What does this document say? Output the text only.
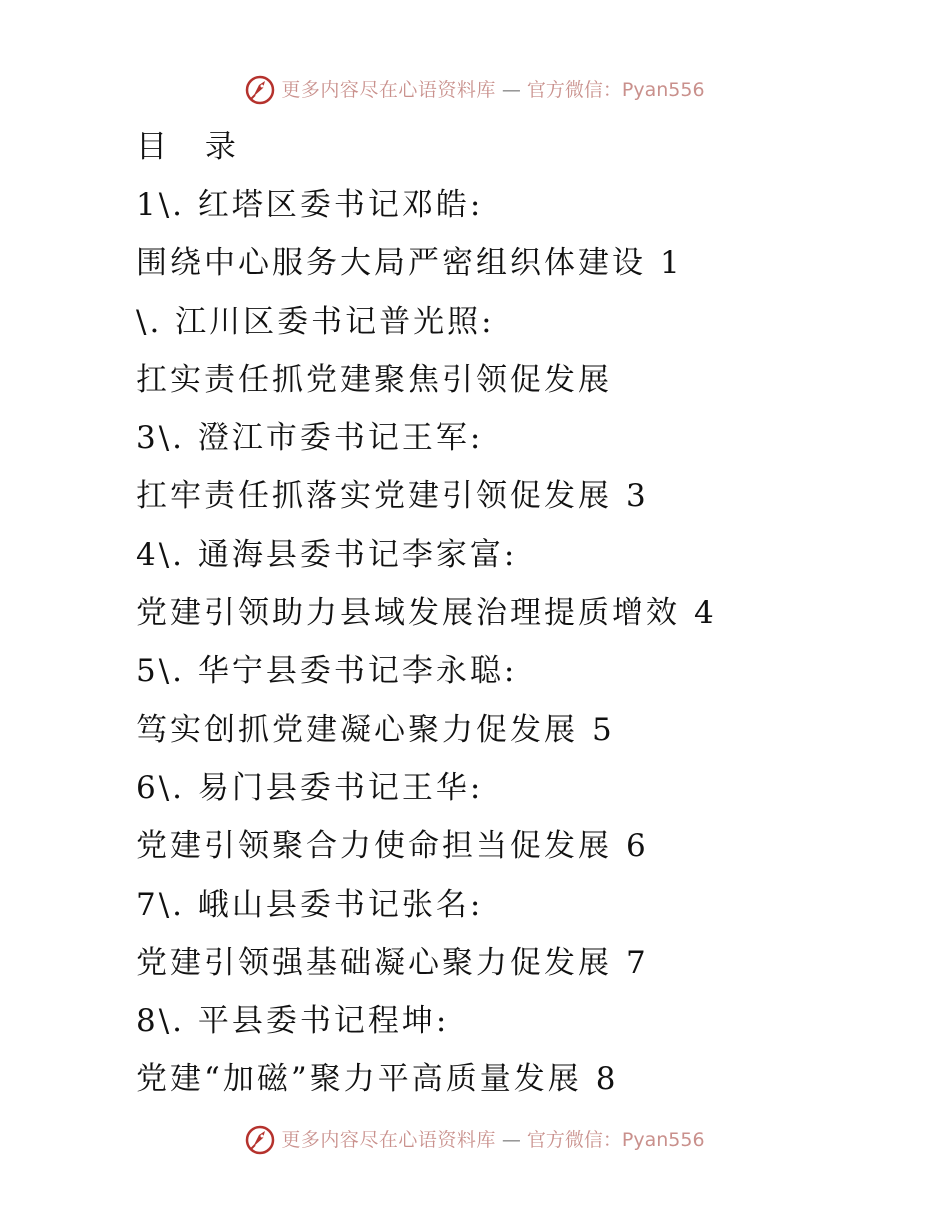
更多内容尽在心语资料库 — 官方微信：Pyan556
目 录
1\. 红塔区委书记邓皓:
围绕中心服务大局严密组织体建设 1
\. 江川区委书记普光照:
扛实责任抓党建聚焦引领促发展
3\. 澄江市委书记王军:
扛牢责任抓落实党建引领促发展 3
4\. 通海县委书记李家富:
党建引领助力县域发展治理提质增效 4
5\. 华宁县委书记李永聪:
笃实创抓党建凝心聚力促发展 5
6\. 易门县委书记王华:
党建引领聚合力使命担当促发展 6
7\. 峨山县委书记张名:
党建引领强基础凝心聚力促发展 7
8\. 平县委书记程坤:
党建“加磁”聚力平高质量发展 8
更多内容尽在心语资料库 — 官方微信：Pyan556
